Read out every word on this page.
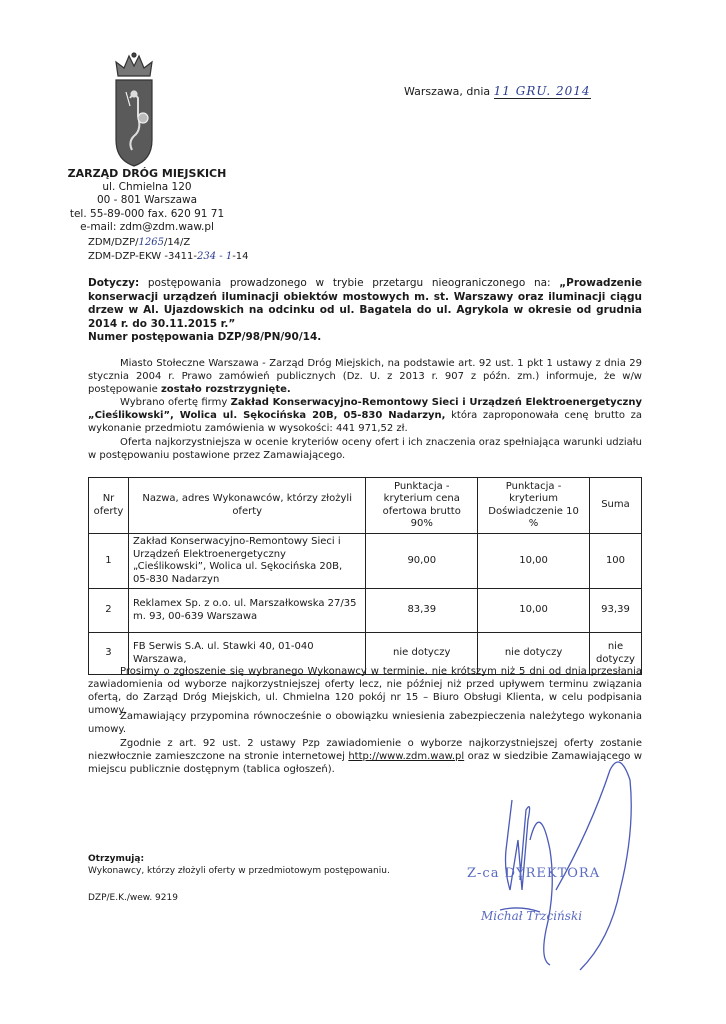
Warszawa, dnia 11 GRU. 2014
ZARZĄD DRÓG MIEJSKICH
ul. Chmielna 120
00 - 801 Warszawa
tel. 55-89-000 fax. 620 91 71
e-mail: zdm@zdm.waw.pl
ZDM/DZP/1265/14/Z
ZDM-DZP-EKW -3411-234 - 1-14
Dotyczy: postępowania prowadzonego w trybie przetargu nieograniczonego na: „Prowadzenie konserwacji urządzeń iluminacji obiektów mostowych m. st. Warszawy oraz iluminacji ciągu drzew w Al. Ujazdowskich na odcinku od ul. Bagatela do ul. Agrykola w okresie od grudnia 2014 r. do 30.11.2015 r.”
Numer postępowania DZP/98/PN/90/14.
Miasto Stołeczne Warszawa - Zarząd Dróg Miejskich, na podstawie art. 92 ust. 1 pkt 1 ustawy z dnia 29 stycznia 2004 r. Prawo zamówień publicznych (Dz. U. z 2013 r. 907 z późn. zm.) informuje, że w/w postępowanie zostało rozstrzygnięte.
Wybrano ofertę firmy Zakład Konserwacyjno-Remontowy Sieci i Urządzeń Elektroenergetyczny „Cieślikowski”, Wolica ul. Sękocińska 20B, 05-830 Nadarzyn, która zaproponowała cenę brutto za wykonanie przedmiotu zamówienia w wysokości: 441 971,52 zł.
Oferta najkorzystniejsza w ocenie kryteriów oceny ofert i ich znaczenia oraz spełniająca warunki udziału w postępowaniu postawione przez Zamawiającego.
Nr oferty	Nazwa, adres Wykonawców, którzy złożyli oferty	Punktacja - kryterium cena ofertowa brutto 90%	Punktacja - kryterium Doświadczenie 10 %	Suma
1	Zakład Konserwacyjno-Remontowy Sieci i Urządzeń Elektroenergetyczny „Cieślikowski”, Wolica ul. Sękocińska 20B, 05-830 Nadarzyn	90,00	10,00	100
2	Reklamex Sp. z o.o. ul. Marszałkowska 27/35 m. 93, 00-639 Warszawa	83,39	10,00	93,39
3	FB Serwis S.A. ul. Stawki 40, 01-040 Warszawa,	nie dotyczy	nie dotyczy	nie dotyczy
Prosimy o zgłoszenie się wybranego Wykonawcy w terminie, nie krótszym niż 5 dni od dnia przesłania zawiadomienia od wyborze najkorzystniejszej oferty lecz, nie później niż przed upływem terminu związania ofertą, do Zarząd Dróg Miejskich, ul. Chmielna 120 pokój nr 15 – Biuro Obsługi Klienta, w celu podpisania umowy.
Zamawiający przypomina równocześnie o obowiązku wniesienia zabezpieczenia należytego wykonania umowy.
Zgodnie z art. 92 ust. 2 ustawy Pzp zawiadomienie o wyborze najkorzystniejszej oferty zostanie niezwłocznie zamieszczone na stronie internetowej http://www.zdm.waw.pl oraz w siedzibie Zamawiającego w miejscu publicznie dostępnym (tablica ogłoszeń).
Otrzymują:
Wykonawcy, którzy złożyli oferty w przedmiotowym postępowaniu.
DZP/E.K./wew. 9219
Z-ca DYREKTORA
Michał Trzciński
